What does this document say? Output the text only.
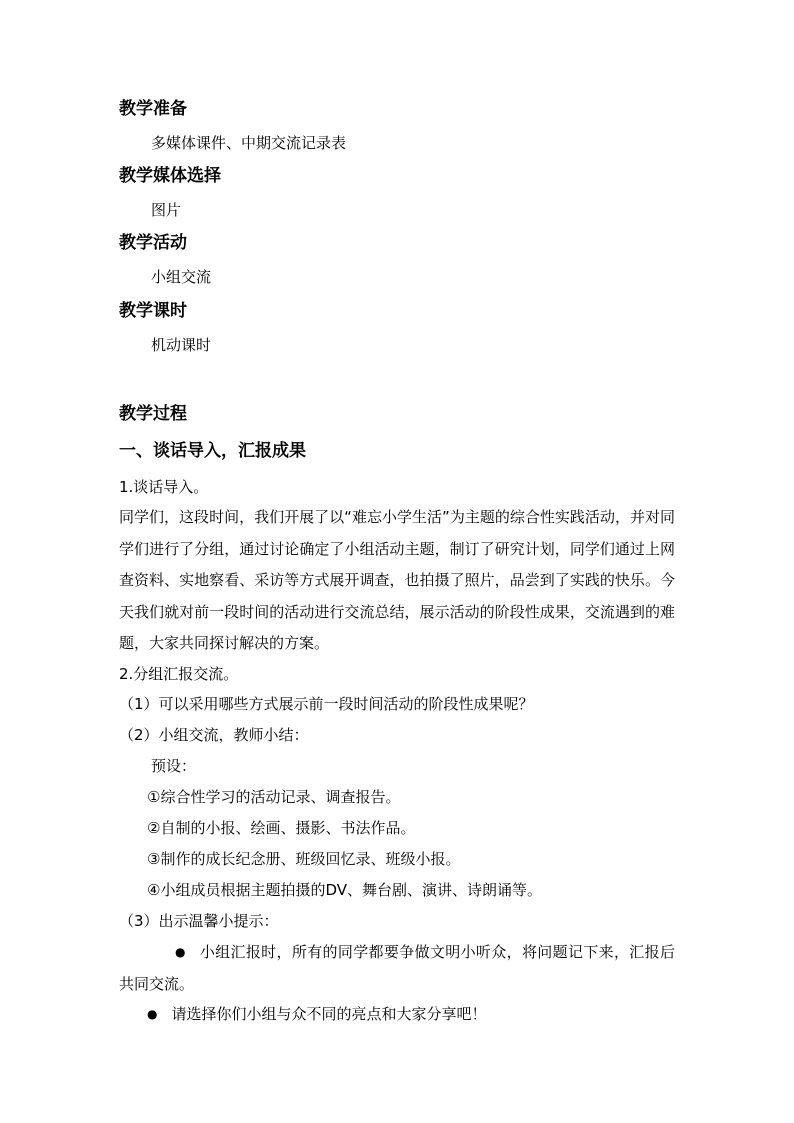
教学准备
多媒体课件、中期交流记录表
教学媒体选择
图片
教学活动
小组交流
教学课时
机动课时
教学过程
一、谈话导入，汇报成果
1.谈话导入。
同学们，这段时间，我们开展了以“难忘小学生活”为主题的综合性实践活动，并对同学们进行了分组，通过讨论确定了小组活动主题，制订了研究计划，同学们通过上网查资料、实地察看、采访等方式展开调查，也拍摄了照片，品尝到了实践的快乐。今天我们就对前一段时间的活动进行交流总结，展示活动的阶段性成果，交流遇到的难题，大家共同探讨解决的方案。
2.分组汇报交流。
（1）可以采用哪些方式展示前一段时间活动的阶段性成果呢？
（2）小组交流，教师小结：
预设：
①综合性学习的活动记录、调查报告。
②自制的小报、绘画、摄影、书法作品。
③制作的成长纪念册、班级回忆录、班级小报。
④小组成员根据主题拍摄的DV、舞台剧、演讲、诗朗诵等。
（3）出示温馨小提示：
● 小组汇报时，所有的同学都要争做文明小听众，将问题记下来，汇报后共同交流。
● 请选择你们小组与众不同的亮点和大家分享吧！
